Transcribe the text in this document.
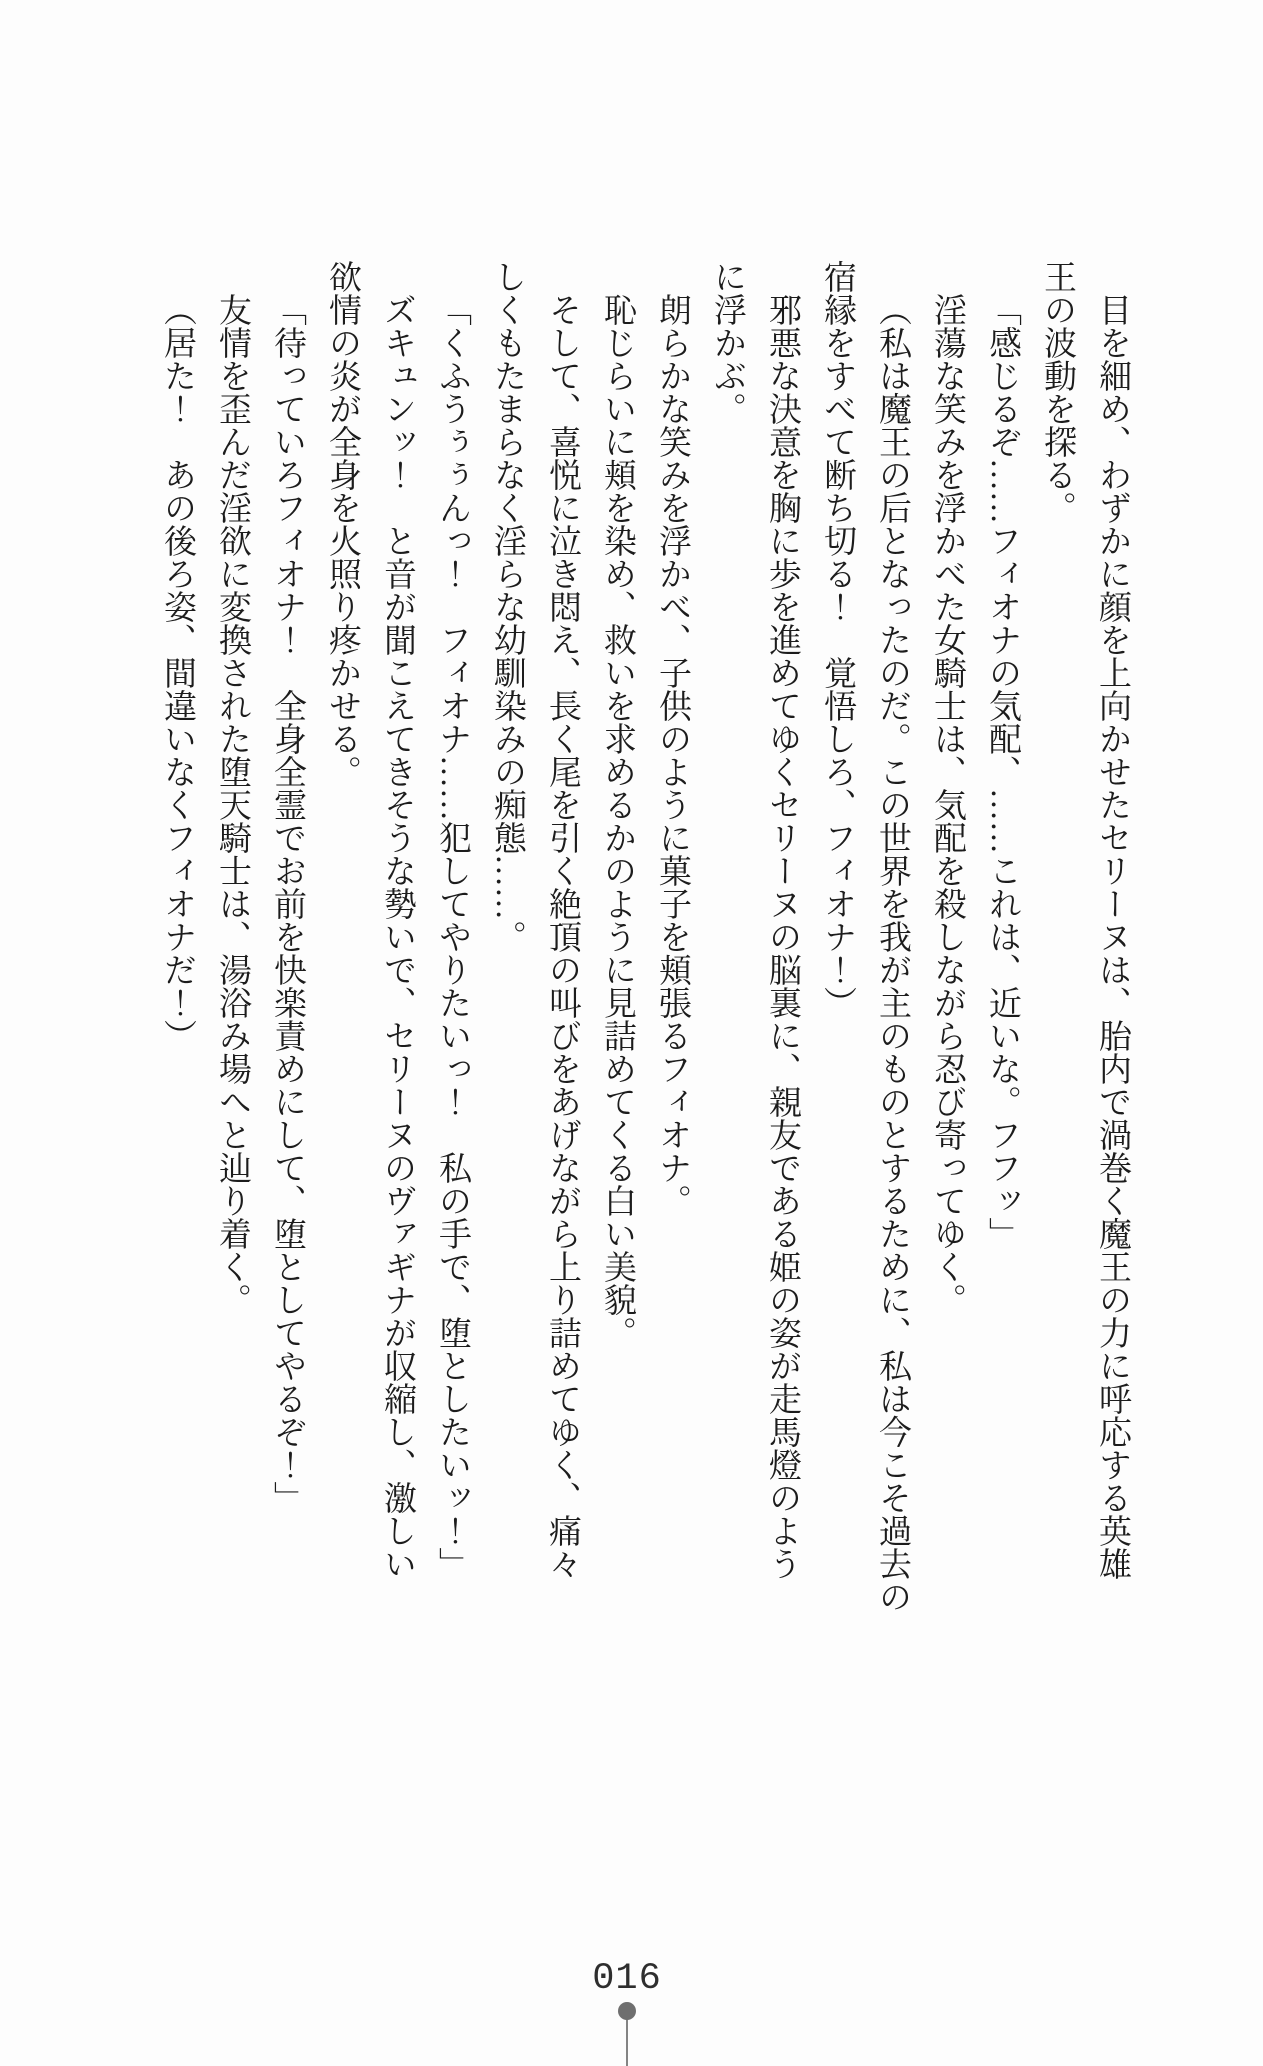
目を細め、わずかに顔を上向かせたセリーヌは、胎内で渦巻く魔王の力に呼応する英雄

王の波動を探る。

「感じるぞ……フィオナの気配、……これは、近いな。フフッ」

淫蕩な笑みを浮かべた女騎士は、気配を殺しながら忍び寄ってゆく。

（私は魔王の后となったのだ。この世界を我が主のものとするために、私は今こそ過去の

宿縁をすべて断ち切る！　覚悟しろ、フィオナ！）

邪悪な決意を胸に歩を進めてゆくセリーヌの脳裏に、親友である姫の姿が走馬燈のよう

に浮かぶ。

朗らかな笑みを浮かべ、子供のように菓子を頬張るフィオナ。

恥じらいに頬を染め、救いを求めるかのように見詰めてくる白い美貌。

そして、喜悦に泣き悶え、長く尾を引く絶頂の叫びをあげながら上り詰めてゆく、痛々

しくもたまらなく淫らな幼馴染みの痴態……。

「くふうぅぅんっ！　フィオナ……犯してやりたいっ！　私の手で、堕としたいッ！」

ズキュンッ！　と音が聞こえてきそうな勢いで、セリーヌのヴァギナが収縮し、激しい

欲情の炎が全身を火照り疼かせる。

「待っていろフィオナ！　全身全霊でお前を快楽責めにして、堕としてやるぞ！」

友情を歪んだ淫欲に変換された堕天騎士は、湯浴み場へと辿り着く。

（居た！　あの後ろ姿、間違いなくフィオナだ！）

016
